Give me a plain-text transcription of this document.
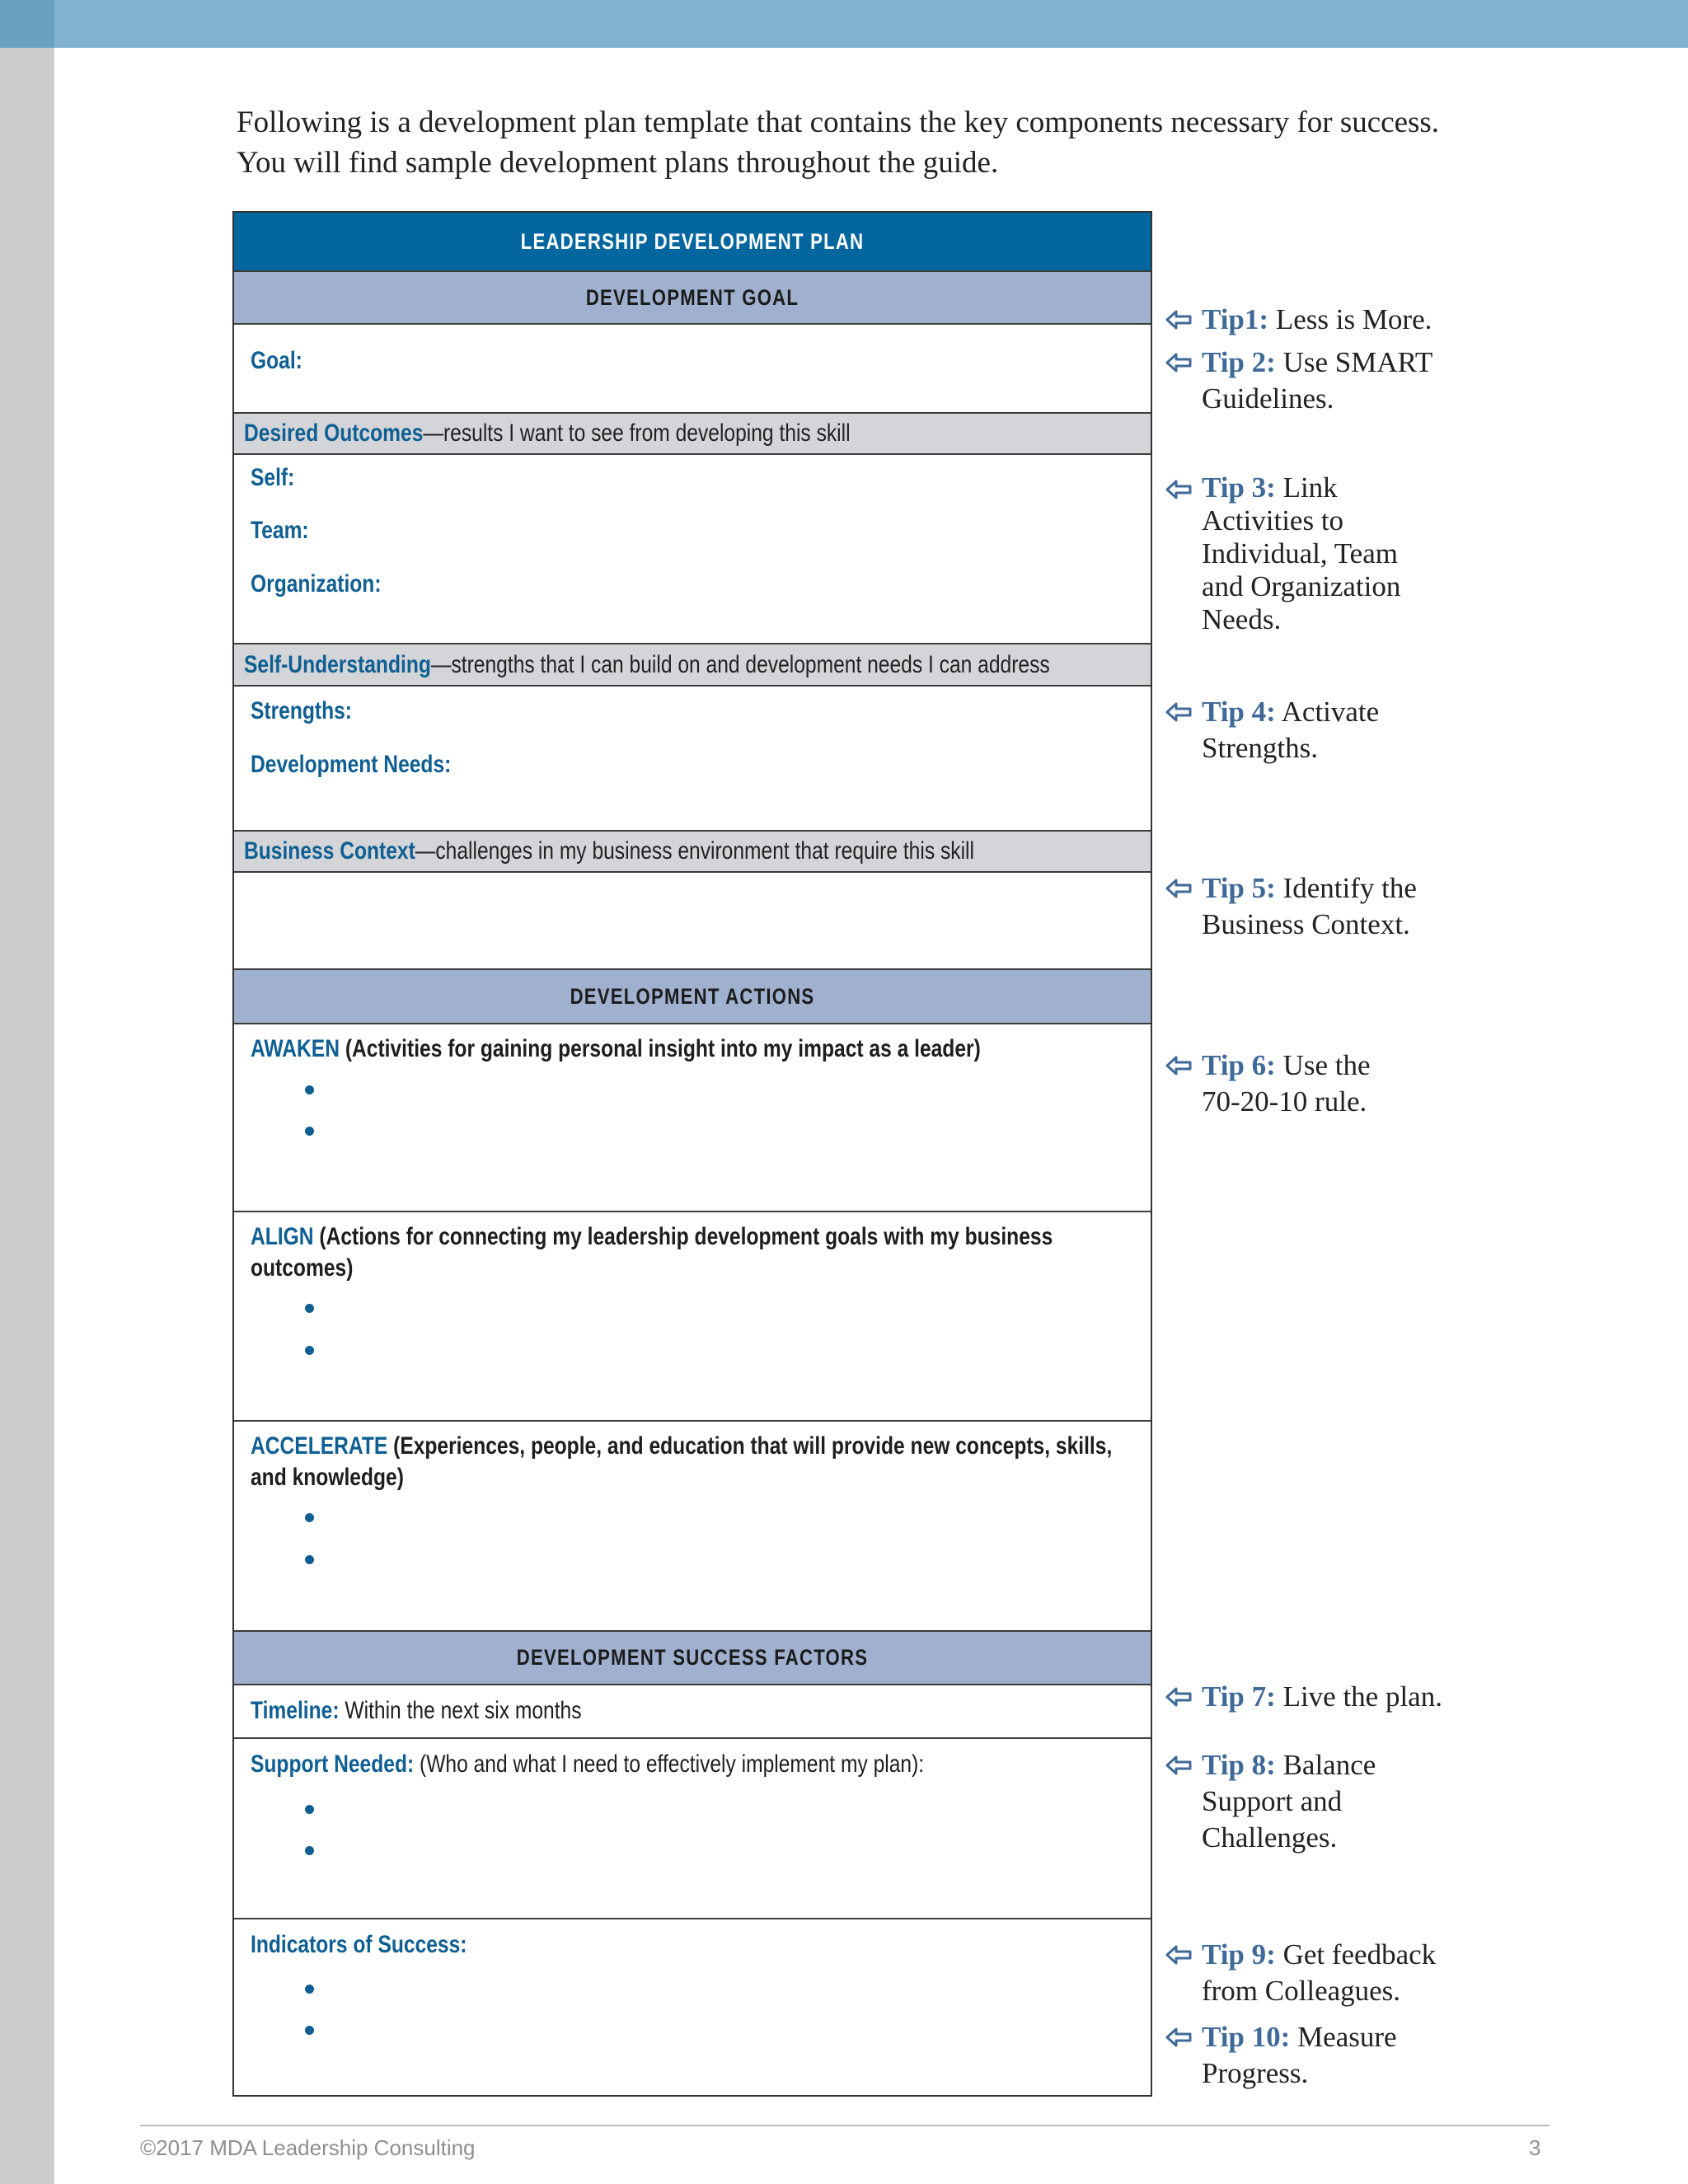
Following is a development plan template that contains the key components necessary for success.
You will find sample development plans throughout the guide.
LEADERSHIP DEVELOPMENT PLAN
DEVELOPMENT GOAL
Goal:
Desired Outcomes—results I want to see from developing this skill
Self:
Team:
Organization:
Self-Understanding—strengths that I can build on and development needs I can address
Strengths:
Development Needs:
Business Context—challenges in my business environment that require this skill
DEVELOPMENT ACTIONS
AWAKEN (Activities for gaining personal insight into my impact as a leader)
ALIGN (Actions for connecting my leadership development goals with my business
outcomes)
ACCELERATE (Experiences, people, and education that will provide new concepts, skills,
and knowledge)
DEVELOPMENT SUCCESS FACTORS
Timeline: Within the next six months
Support Needed: (Who and what I need to effectively implement my plan):
Indicators of Success:
Tip1: Less is More.
Tip 2: Use SMART
Guidelines.
Tip 3: Link
Activities to
Individual, Team
and Organization
Needs.
Tip 4: Activate
Strengths.
Tip 5: Identify the
Business Context.
Tip 6: Use the
70-20-10 rule.
Tip 7: Live the plan.
Tip 8: Balance
Support and
Challenges.
Tip 9: Get feedback
from Colleagues.
Tip 10: Measure
Progress.
©2017 MDA Leadership Consulting	3
